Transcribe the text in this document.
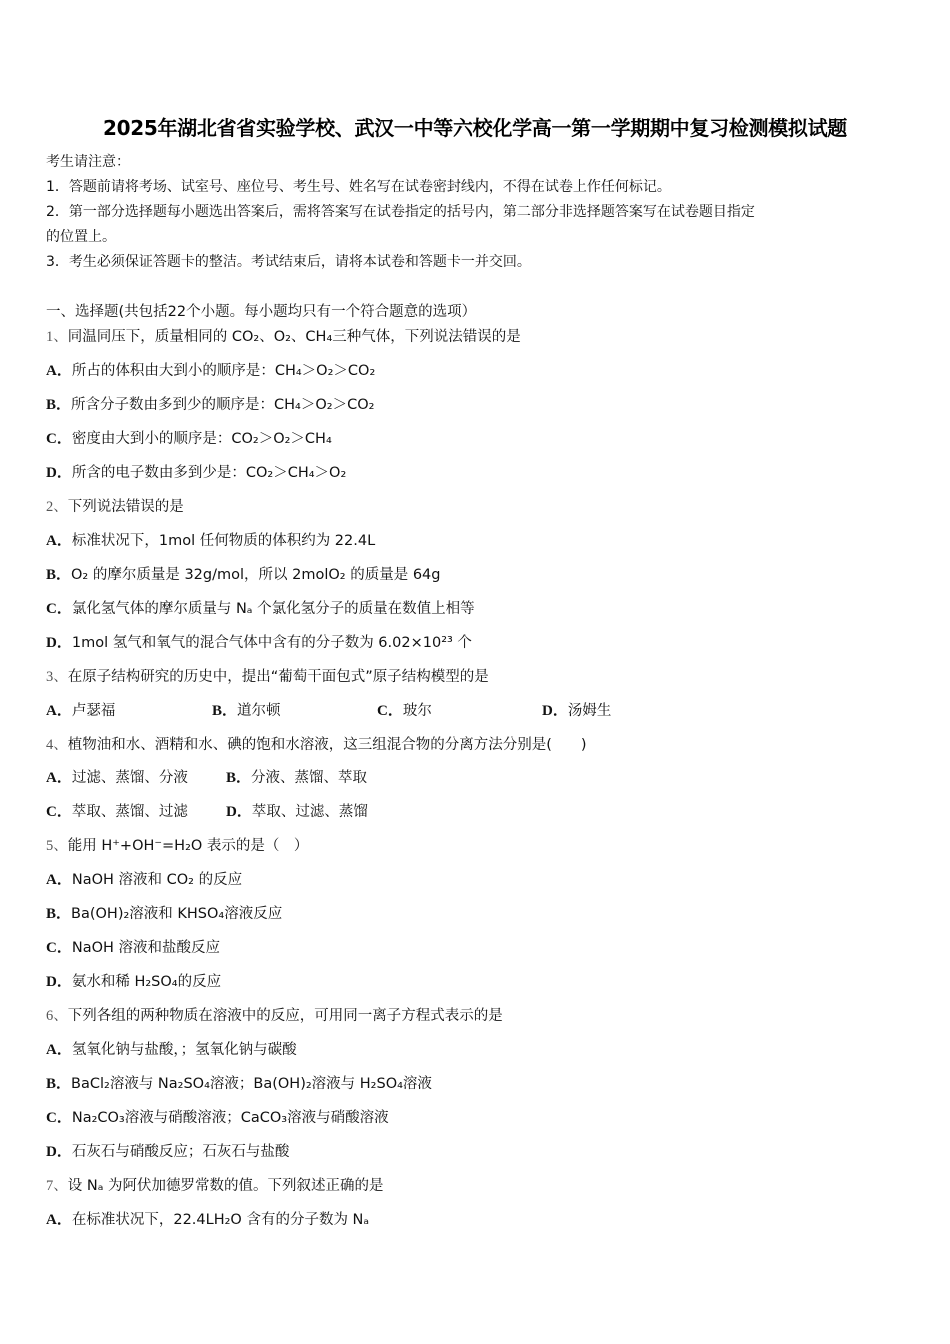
2025年湖北省省实验学校、武汉一中等六校化学高一第一学期期中复习检测模拟试题
考生请注意：
1．答题前请将考场、试室号、座位号、考生号、姓名写在试卷密封线内，不得在试卷上作任何标记。
2．第一部分选择题每小题选出答案后，需将答案写在试卷指定的括号内，第二部分非选择题答案写在试卷题目指定
的位置上。
3．考生必须保证答题卡的整洁。考试结束后，请将本试卷和答题卡一并交回。
一、选择题(共包括22个小题。每小题均只有一个符合题意的选项）
1、同温同压下，质量相同的 CO₂、O₂、CH₄三种气体，下列说法错误的是
A．所占的体积由大到小的顺序是：CH₄＞O₂＞CO₂
B．所含分子数由多到少的顺序是：CH₄＞O₂＞CO₂
C．密度由大到小的顺序是：CO₂＞O₂＞CH₄
D．所含的电子数由多到少是：CO₂＞CH₄＞O₂
2、下列说法错误的是
A．标准状况下，1mol 任何物质的体积约为 22.4L
B．O₂ 的摩尔质量是 32g/mol，所以 2molO₂ 的质量是 64g
C．氯化氢气体的摩尔质量与 Nₐ 个氯化氢分子的质量在数值上相等
D．1mol 氢气和氧气的混合气体中含有的分子数为 6.02×10²³ 个
3、在原子结构研究的历史中，提出“葡萄干面包式”原子结构模型的是
A．卢瑟福	B．道尔顿	C．玻尔	D．汤姆生
4、植物油和水、酒精和水、碘的饱和水溶液，这三组混合物的分离方法分别是(　　)
A．过滤、蒸馏、分液	B．分液、蒸馏、萃取
C．萃取、蒸馏、过滤	D．萃取、过滤、蒸馏
5、能用 H⁺+OH⁻=H₂O 表示的是（　）
A．NaOH 溶液和 CO₂ 的反应
B．Ba(OH)₂溶液和 KHSO₄溶液反应
C．NaOH 溶液和盐酸反应
D．氨水和稀 H₂SO₄的反应
6、下列各组的两种物质在溶液中的反应，可用同一离子方程式表示的是
A．氢氧化钠与盐酸，；氢氧化钠与碳酸
B．BaCl₂溶液与 Na₂SO₄溶液；Ba(OH)₂溶液与 H₂SO₄溶液
C．Na₂CO₃溶液与硝酸溶液；CaCO₃溶液与硝酸溶液
D．石灰石与硝酸反应；石灰石与盐酸
7、设 Nₐ 为阿伏加德罗常数的值。下列叙述正确的是
A．在标准状况下，22.4LH₂O 含有的分子数为 Nₐ
